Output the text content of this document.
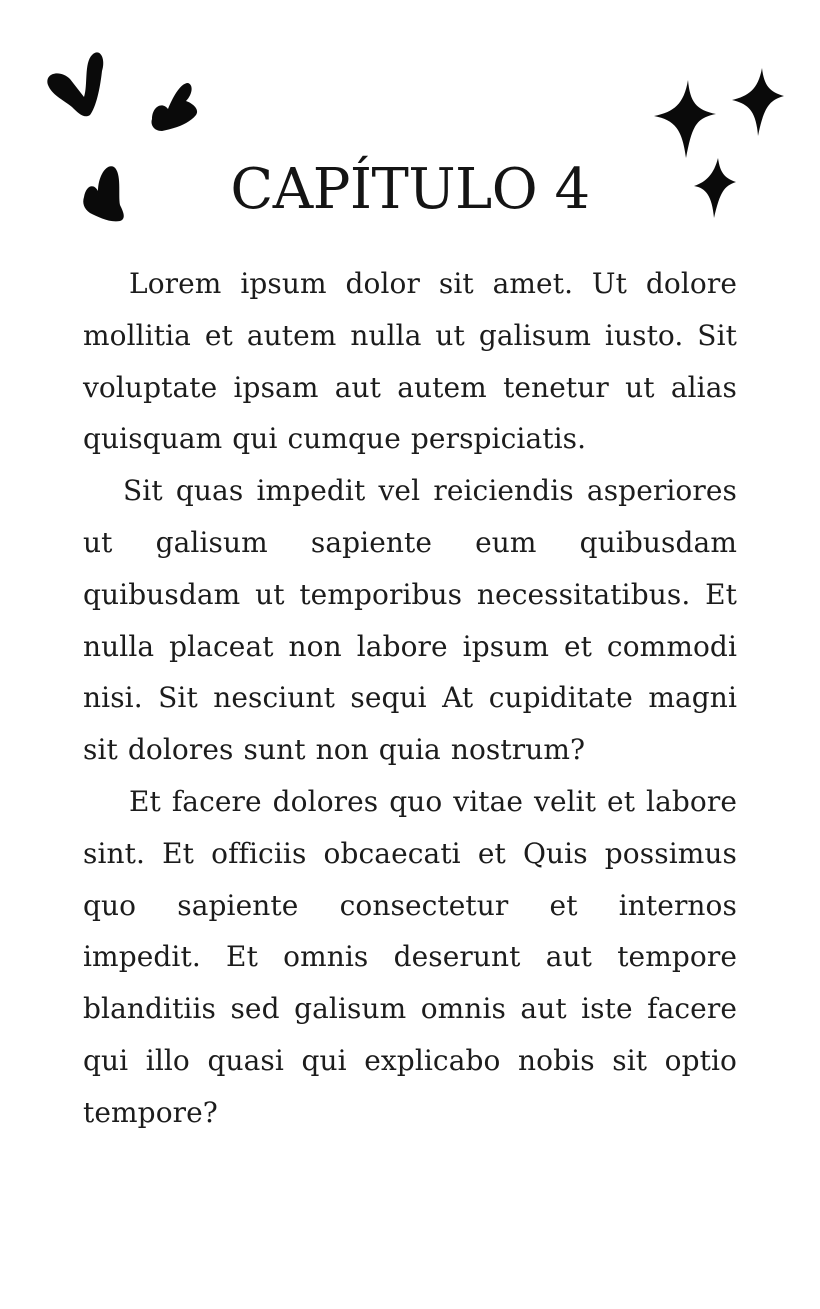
CAPÍTULO 4

Lorem ipsum dolor sit amet. Ut dolore mollitia et autem nulla ut galisum iusto. Sit voluptate ipsam aut autem tenetur ut alias quisquam qui cumque perspiciatis.

Sit quas impedit vel reiciendis asperiores ut galisum sapiente eum quibusdam quibusdam ut temporibus necessitatibus. Et nulla placeat non labore ipsum et commodi nisi. Sit nesciunt sequi At cupiditate magni sit dolores sunt non quia nostrum?

Et facere dolores quo vitae velit et labore sint. Et officiis obcaecati et Quis possimus quo sapiente consectetur et internos impedit. Et omnis deserunt aut tempore blanditiis sed galisum omnis aut iste facere qui illo quasi qui explicabo nobis sit optio tempore?
